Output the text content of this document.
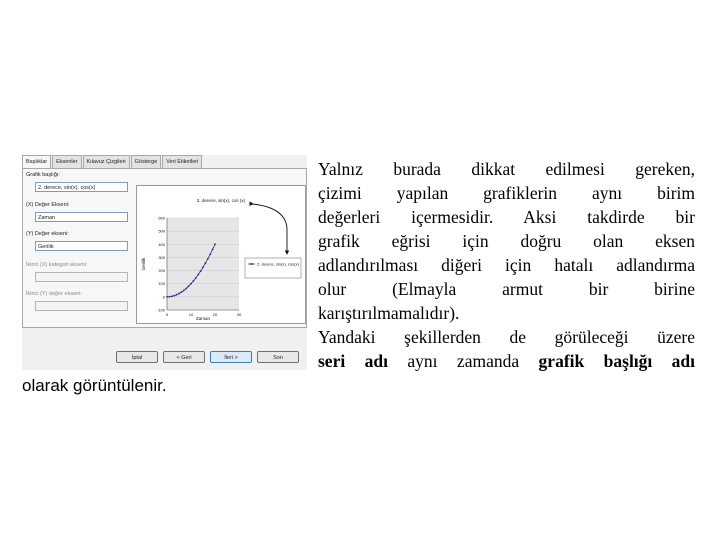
Başlıklar	Eksenler	Kılavuz Çizgileri	Gösterge	Veri Etiketleri
Grafik başlığı:
2. derece, sin(x), cos(x)
(X) Değer Ekseni:
Zaman
(Y) Değer ekseni:
Gerilik
İkinci (X) kategori ekseni:
İkinci (Y) değer ekseni:
600
500
400
300
200
100
0
-100
0	10	20	30
2. derece, sin(x), cos (x)
Zaman
Gerilik	2. derece, sin(x), cos(x)
İptal	< Geri	İleri >	Son
Yalnız burada dikkat edilmesi gereken,
çizimi yapılan grafiklerin aynı birim
değerleri içermesidir. Aksi takdirde bir
grafik eğrisi için doğru olan eksen
adlandırılması diğeri için hatalı adlandırma
olur (Elmayla armut bir birine
karıştırılmamalıdır).
Yandaki şekillerden de görüleceği üzere
seri adı aynı zamanda grafik başlığı adı
olarak görüntülenir.
